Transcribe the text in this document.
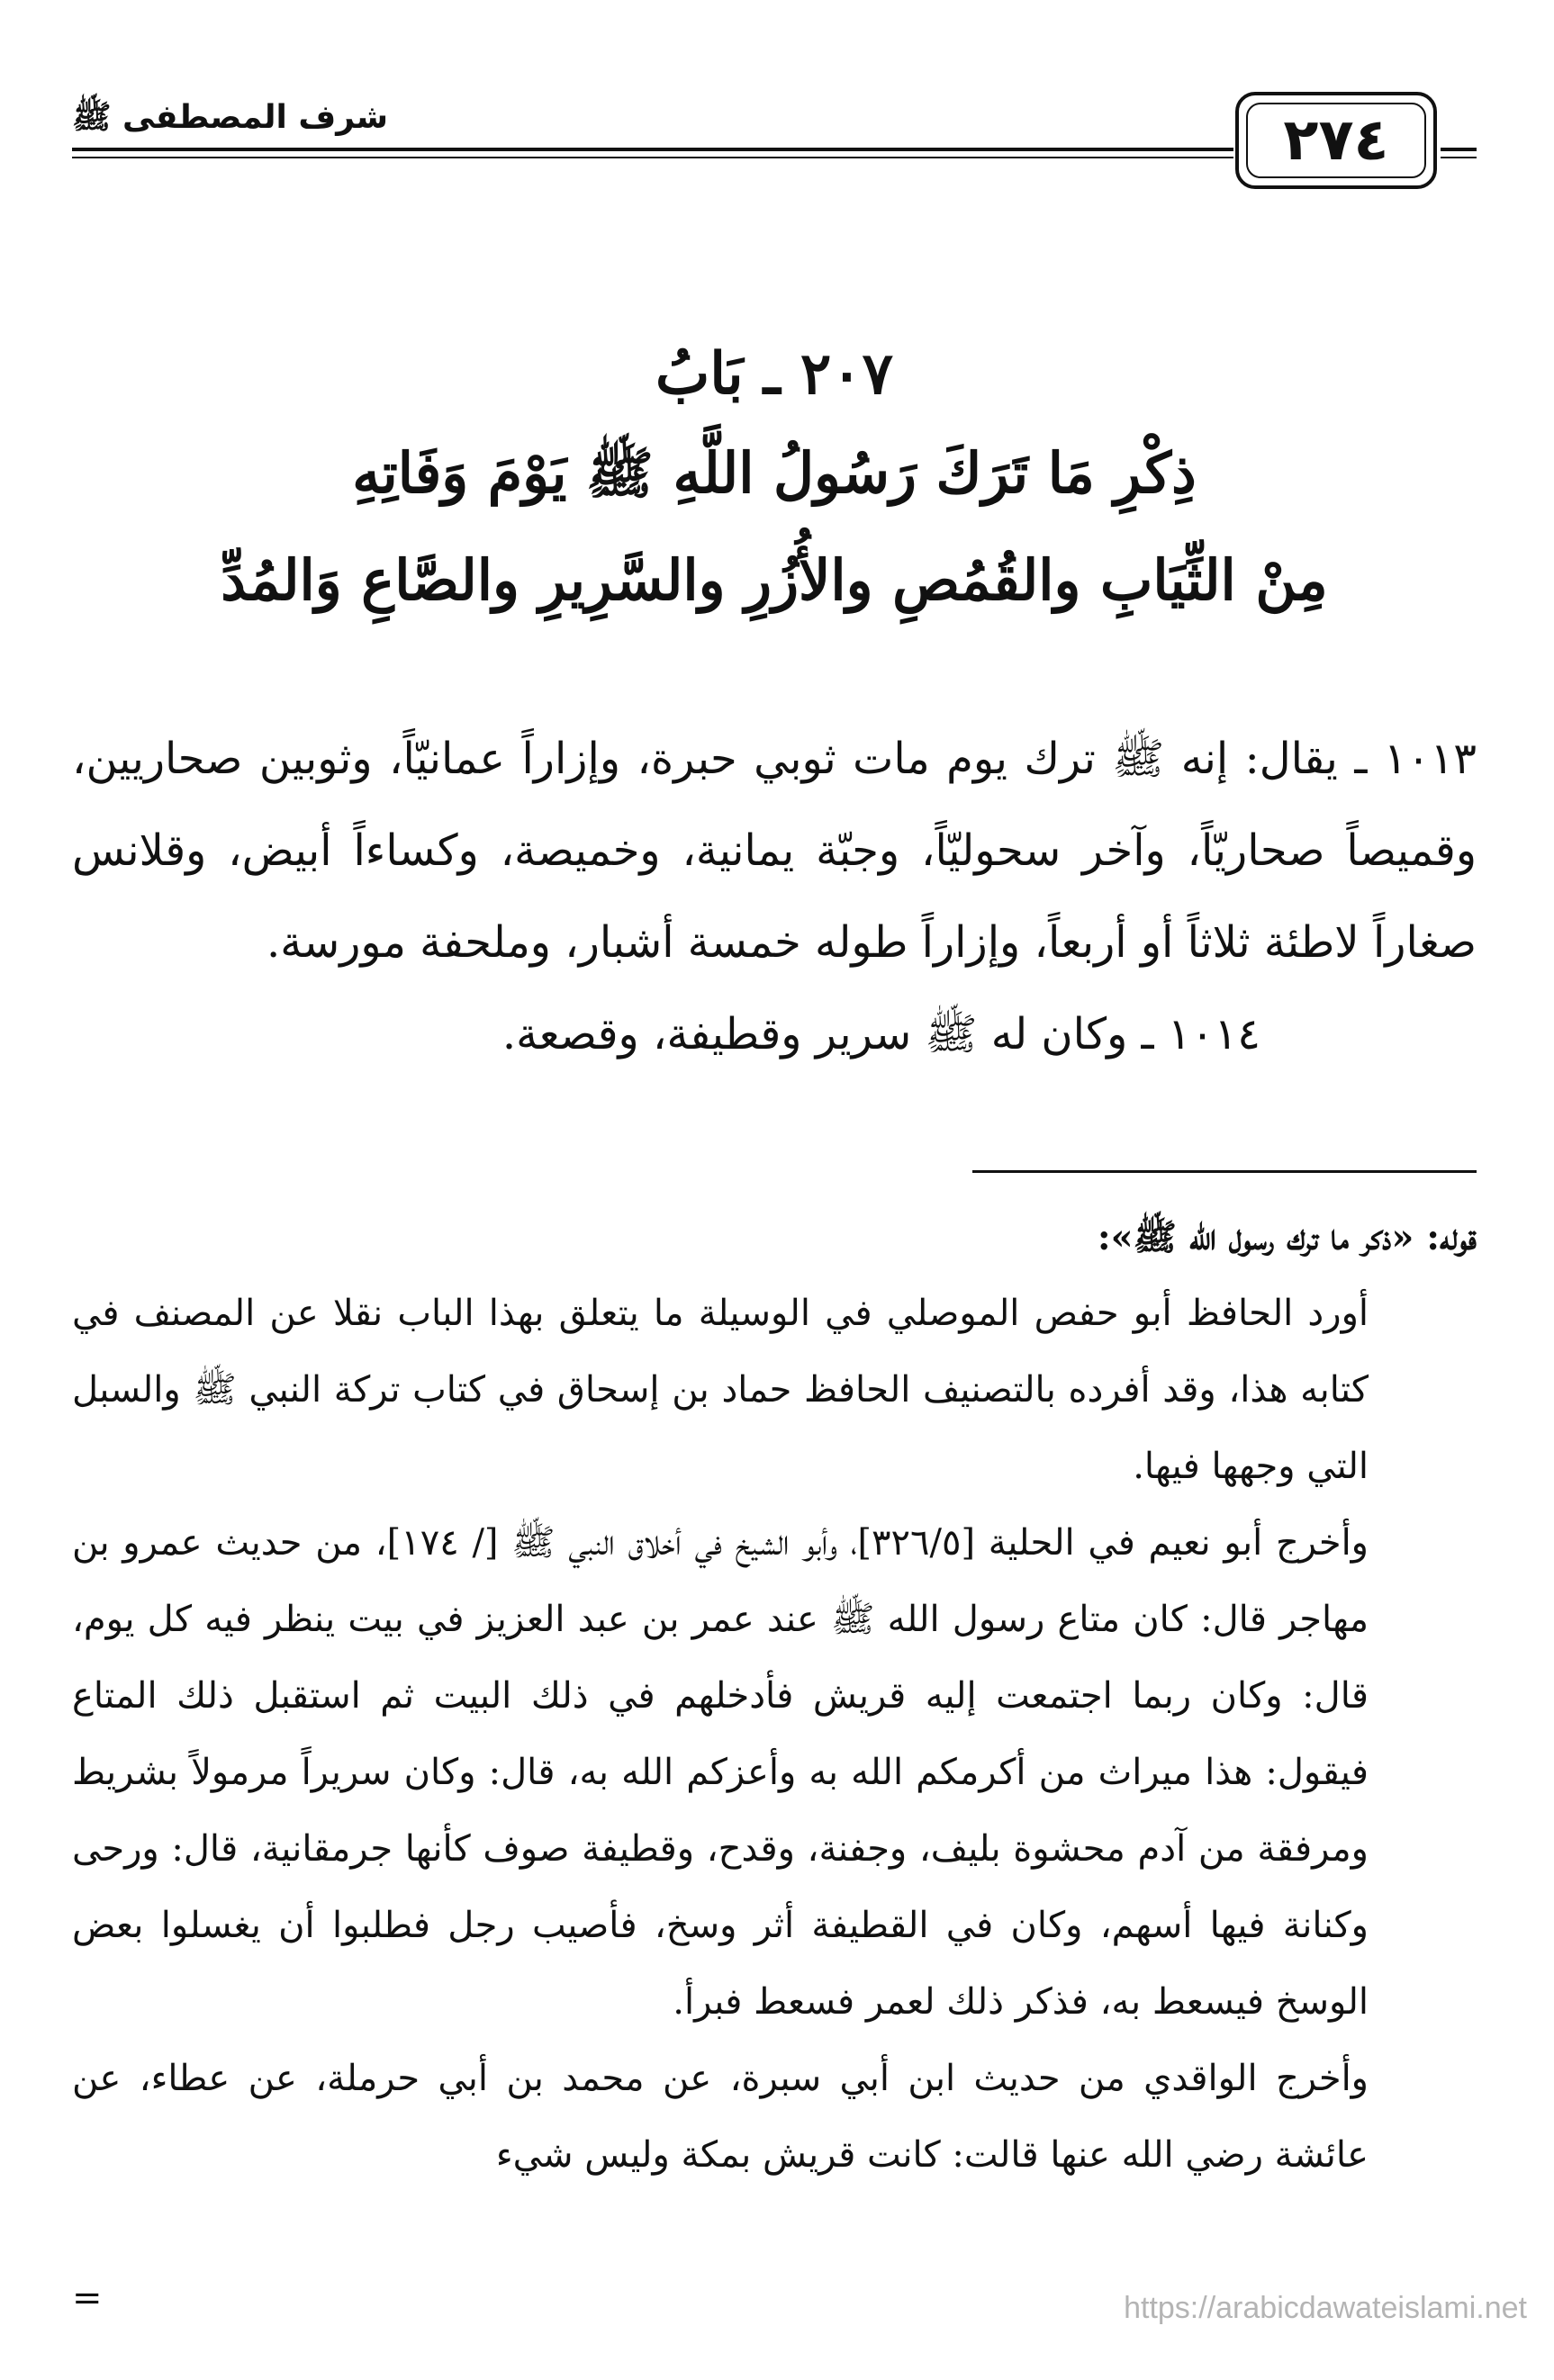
شرف المصطفى ﷺ	٢٧٤
٢٠٧ ـ بَابُ
ذِكْرِ مَا تَرَكَ رَسُولُ اللَّهِ ﷺ يَوْمَ وَفَاتِهِ
مِنْ الثِّيَابِ والقُمُصِ والأُزُرِ والسَّرِيرِ والصَّاعِ وَالمُدِّ

١٠١٣ ـ يقال: إنه ﷺ ترك يوم مات ثوبي حبرة، وإزاراً عمانيّاً، وثوبين صحاريين، وقميصاً صحاريّاً، وآخر سحوليّاً، وجبّة يمانية، وخميصة، وكساءاً أبيض، وقلانس صغاراً لاطئة ثلاثاً أو أربعاً، وإزاراً طوله خمسة أشبار، وملحفة مورسة.

١٠١٤ ـ وكان له ﷺ سرير وقطيفة، وقصعة.

قوله: «ذكر ما ترك رسول الله ﷺ»:

أورد الحافظ أبو حفص الموصلي في الوسيلة ما يتعلق بهذا الباب نقلا عن المصنف في كتابه هذا، وقد أفرده بالتصنيف الحافظ حماد بن إسحاق في كتاب تركة النبي ﷺ والسبل التي وجهها فيها.

وأخرج أبو نعيم في الحلية [٣٢٦/٥]، وأبو الشيخ في أخلاق النبي ﷺ [/ ١٧٤]، من حديث عمرو بن مهاجر قال: كان متاع رسول الله ﷺ عند عمر بن عبد العزيز في بيت ينظر فيه كل يوم، قال: وكان ربما اجتمعت إليه قريش فأدخلهم في ذلك البيت ثم استقبل ذلك المتاع فيقول: هذا ميراث من أكرمكم الله به وأعزكم الله به، قال: وكان سريراً مرمولاً بشريط ومرفقة من آدم محشوة بليف، وجفنة، وقدح، وقطيفة صوف كأنها جرمقانية، قال: ورحى وكنانة فيها أسهم، وكان في القطيفة أثر وسخ، فأصيب رجل فطلبوا أن يغسلوا بعض الوسخ فيسعط به، فذكر ذلك لعمر فسعط فبرأ.

وأخرج الواقدي من حديث ابن أبي سبرة، عن محمد بن أبي حرملة، عن عطاء، عن عائشة رضي الله عنها قالت: كانت قريش بمكة وليس شيء

=	https://arabicdawateislami.net
